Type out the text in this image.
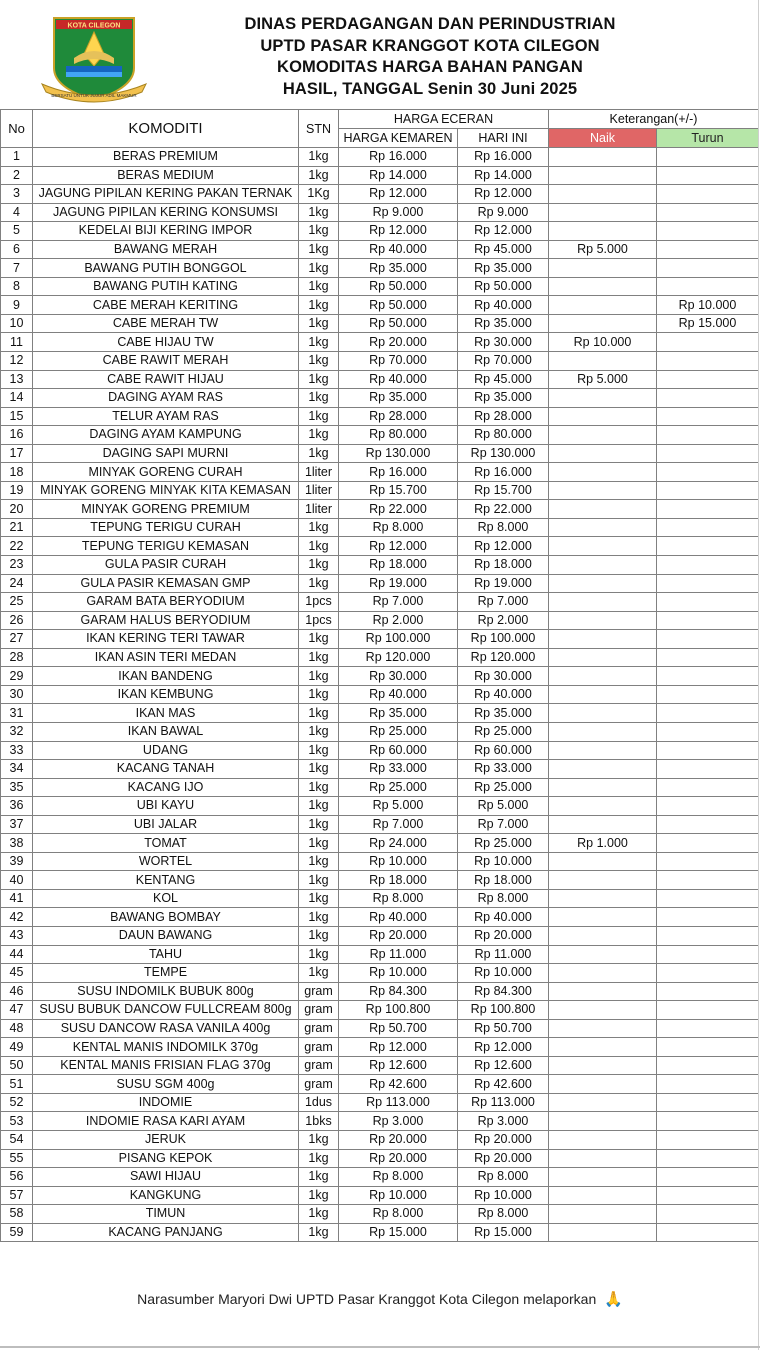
KOTA CILEGON
BERSATU UNTUK JUJUR ADIL MAKMUR
DINAS PERDAGANGAN DAN PERINDUSTRIAN
UPTD PASAR KRANGGOT KOTA CILEGON
KOMODITAS HARGA BAHAN PANGAN
HASIL, TANGGAL Senin 30 Juni 2025
No	KOMODITI	STN	HARGA ECERAN		Keterangan(+/-)	
			HARGA KEMAREN	HARI INI	Naik	Turun
1	BERAS PREMIUM	1kg	Rp 16.000	Rp 16.000		
2	BERAS MEDIUM	1kg	Rp 14.000	Rp 14.000		
3	JAGUNG PIPILAN KERING PAKAN TERNAK	1Kg	Rp 12.000	Rp 12.000		
4	JAGUNG PIPILAN KERING KONSUMSI	1kg	Rp 9.000	Rp 9.000		
5	KEDELAI BIJI KERING IMPOR	1kg	Rp 12.000	Rp 12.000		
6	BAWANG MERAH	1kg	Rp 40.000	Rp 45.000	Rp 5.000	
7	BAWANG PUTIH BONGGOL	1kg	Rp 35.000	Rp 35.000		
8	BAWANG PUTIH KATING	1kg	Rp 50.000	Rp 50.000		
9	CABE MERAH KERITING	1kg	Rp 50.000	Rp 40.000		Rp 10.000
10	CABE MERAH TW	1kg	Rp 50.000	Rp 35.000		Rp 15.000
11	CABE HIJAU TW	1kg	Rp 20.000	Rp 30.000	Rp 10.000	
12	CABE RAWIT MERAH	1kg	Rp 70.000	Rp 70.000		
13	CABE RAWIT HIJAU	1kg	Rp 40.000	Rp 45.000	Rp 5.000	
14	DAGING AYAM RAS	1kg	Rp 35.000	Rp 35.000		
15	TELUR AYAM RAS	1kg	Rp 28.000	Rp 28.000		
16	DAGING AYAM KAMPUNG	1kg	Rp 80.000	Rp 80.000		
17	DAGING SAPI MURNI	1kg	Rp 130.000	Rp 130.000		
18	MINYAK GORENG CURAH	1liter	Rp 16.000	Rp 16.000		
19	MINYAK GORENG MINYAK KITA KEMASAN	1liter	Rp 15.700	Rp 15.700		
20	MINYAK GORENG PREMIUM	1liter	Rp 22.000	Rp 22.000		
21	TEPUNG TERIGU CURAH	1kg	Rp 8.000	Rp 8.000		
22	TEPUNG TERIGU KEMASAN	1kg	Rp 12.000	Rp 12.000		
23	GULA PASIR CURAH	1kg	Rp 18.000	Rp 18.000		
24	GULA PASIR KEMASAN GMP	1kg	Rp 19.000	Rp 19.000		
25	GARAM BATA BERYODIUM	1pcs	Rp 7.000	Rp 7.000		
26	GARAM HALUS BERYODIUM	1pcs	Rp 2.000	Rp 2.000		
27	IKAN KERING TERI TAWAR	1kg	Rp 100.000	Rp 100.000		
28	IKAN ASIN TERI MEDAN	1kg	Rp 120.000	Rp 120.000		
29	IKAN BANDENG	1kg	Rp 30.000	Rp 30.000		
30	IKAN KEMBUNG	1kg	Rp 40.000	Rp 40.000		
31	IKAN MAS	1kg	Rp 35.000	Rp 35.000		
32	IKAN BAWAL	1kg	Rp 25.000	Rp 25.000		
33	UDANG	1kg	Rp 60.000	Rp 60.000		
34	KACANG TANAH	1kg	Rp 33.000	Rp 33.000		
35	KACANG IJO	1kg	Rp 25.000	Rp 25.000		
36	UBI KAYU	1kg	Rp 5.000	Rp 5.000		
37	UBI JALAR	1kg	Rp 7.000	Rp 7.000		
38	TOMAT	1kg	Rp 24.000	Rp 25.000	Rp 1.000	
39	WORTEL	1kg	Rp 10.000	Rp 10.000		
40	KENTANG	1kg	Rp 18.000	Rp 18.000		
41	KOL	1kg	Rp 8.000	Rp 8.000		
42	BAWANG BOMBAY	1kg	Rp 40.000	Rp 40.000		
43	DAUN BAWANG	1kg	Rp 20.000	Rp 20.000		
44	TAHU	1kg	Rp 11.000	Rp 11.000		
45	TEMPE	1kg	Rp 10.000	Rp 10.000		
46	SUSU INDOMILK BUBUK 800g	gram	Rp 84.300	Rp 84.300		
47	SUSU BUBUK DANCOW FULLCREAM 800g	gram	Rp 100.800	Rp 100.800		
48	SUSU DANCOW RASA VANILA 400g	gram	Rp 50.700	Rp 50.700		
49	KENTAL MANIS INDOMILK 370g	gram	Rp 12.000	Rp 12.000		
50	KENTAL MANIS FRISIAN FLAG 370g	gram	Rp 12.600	Rp 12.600		
51	SUSU SGM 400g	gram	Rp 42.600	Rp 42.600		
52	INDOMIE	1dus	Rp 113.000	Rp 113.000		
53	INDOMIE RASA KARI AYAM	1bks	Rp 3.000	Rp 3.000		
54	JERUK	1kg	Rp 20.000	Rp 20.000		
55	PISANG KEPOK	1kg	Rp 20.000	Rp 20.000		
56	SAWI HIJAU	1kg	Rp 8.000	Rp 8.000		
57	KANGKUNG	1kg	Rp 10.000	Rp 10.000		
58	TIMUN	1kg	Rp 8.000	Rp 8.000		
59	KACANG PANJANG	1kg	Rp 15.000	Rp 15.000		
Narasumber Maryori Dwi UPTD Pasar Kranggot Kota Cilegon melaporkan 🙏
